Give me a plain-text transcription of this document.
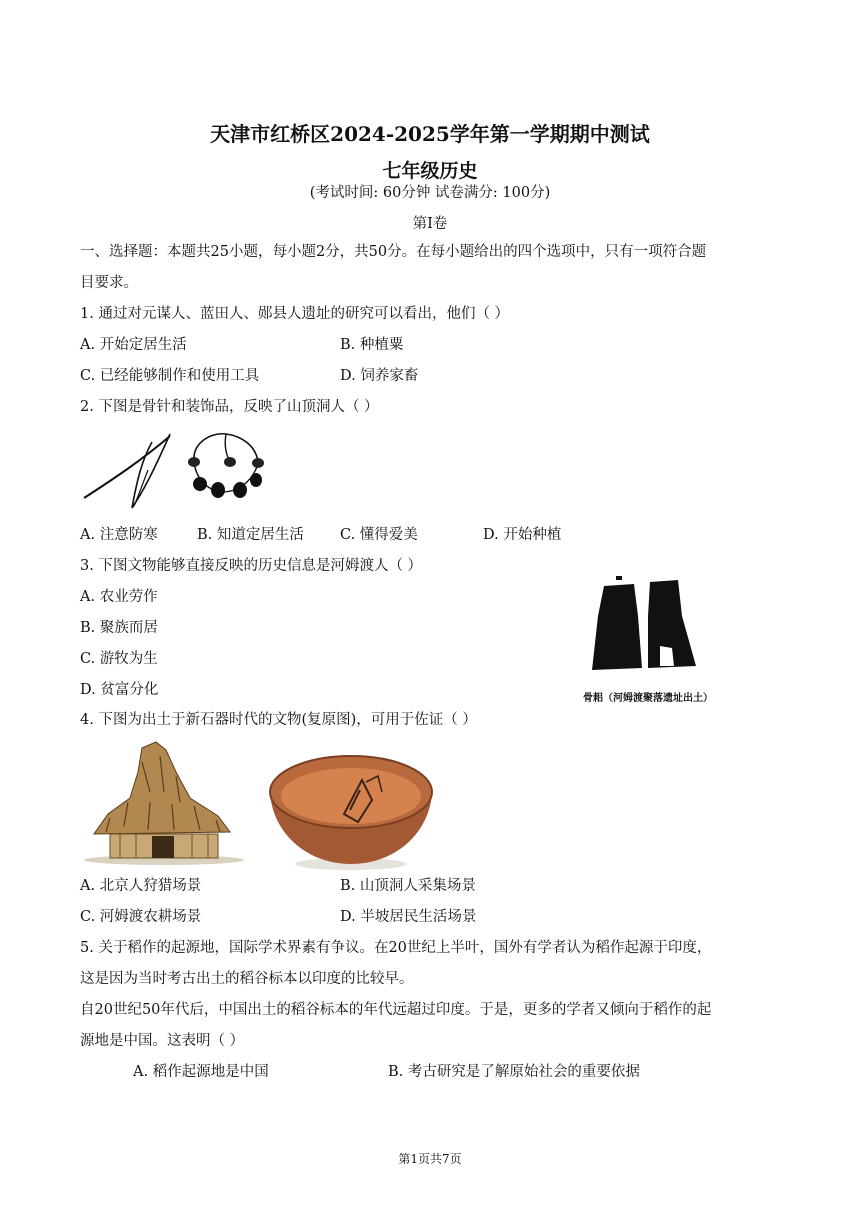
天津市红桥区2024-2025学年第一学期期中测试
七年级历史
(考试时间: 60分钟 试卷满分: 100分)
第Ⅰ卷
一、选择题：本题共25小题，每小题2分，共50分。在每小题给出的四个选项中，只有一项符合题
目要求。
1. 通过对元谋人、蓝田人、郧县人遗址的研究可以看出，他们（ ）
A. 开始定居生活	B. 种植粟
C. 已经能够制作和使用工具	D. 饲养家畜
2. 下图是骨针和装饰品，反映了山顶洞人（ ）
A. 注意防寒	B. 知道定居生活 C. 懂得爱美	D. 开始种植
3. 下图文物能够直接反映的历史信息是河姆渡人（ ）
A. 农业劳作
B. 聚族而居
C. 游牧为生
D. 贫富分化
骨耜（河姆渡聚落遗址出土）
4. 下图为出土于新石器时代的文物(复原图)，可用于佐证（ ）
A. 北京人狩猎场景	B. 山顶洞人采集场景
C. 河姆渡农耕场景	D. 半坡居民生活场景
5. 关于稻作的起源地，国际学术界素有争议。在20世纪上半叶，国外有学者认为稻作起源于印度，
这是因为当时考古出土的稻谷标本以印度的比较早。
自20世纪50年代后，中国出土的稻谷标本的年代远超过印度。于是，更多的学者又倾向于稻作的起
源地是中国。这表明（ ）
A. 稻作起源地是中国	B. 考古研究是了解原始社会的重要依据
第1页共7页
